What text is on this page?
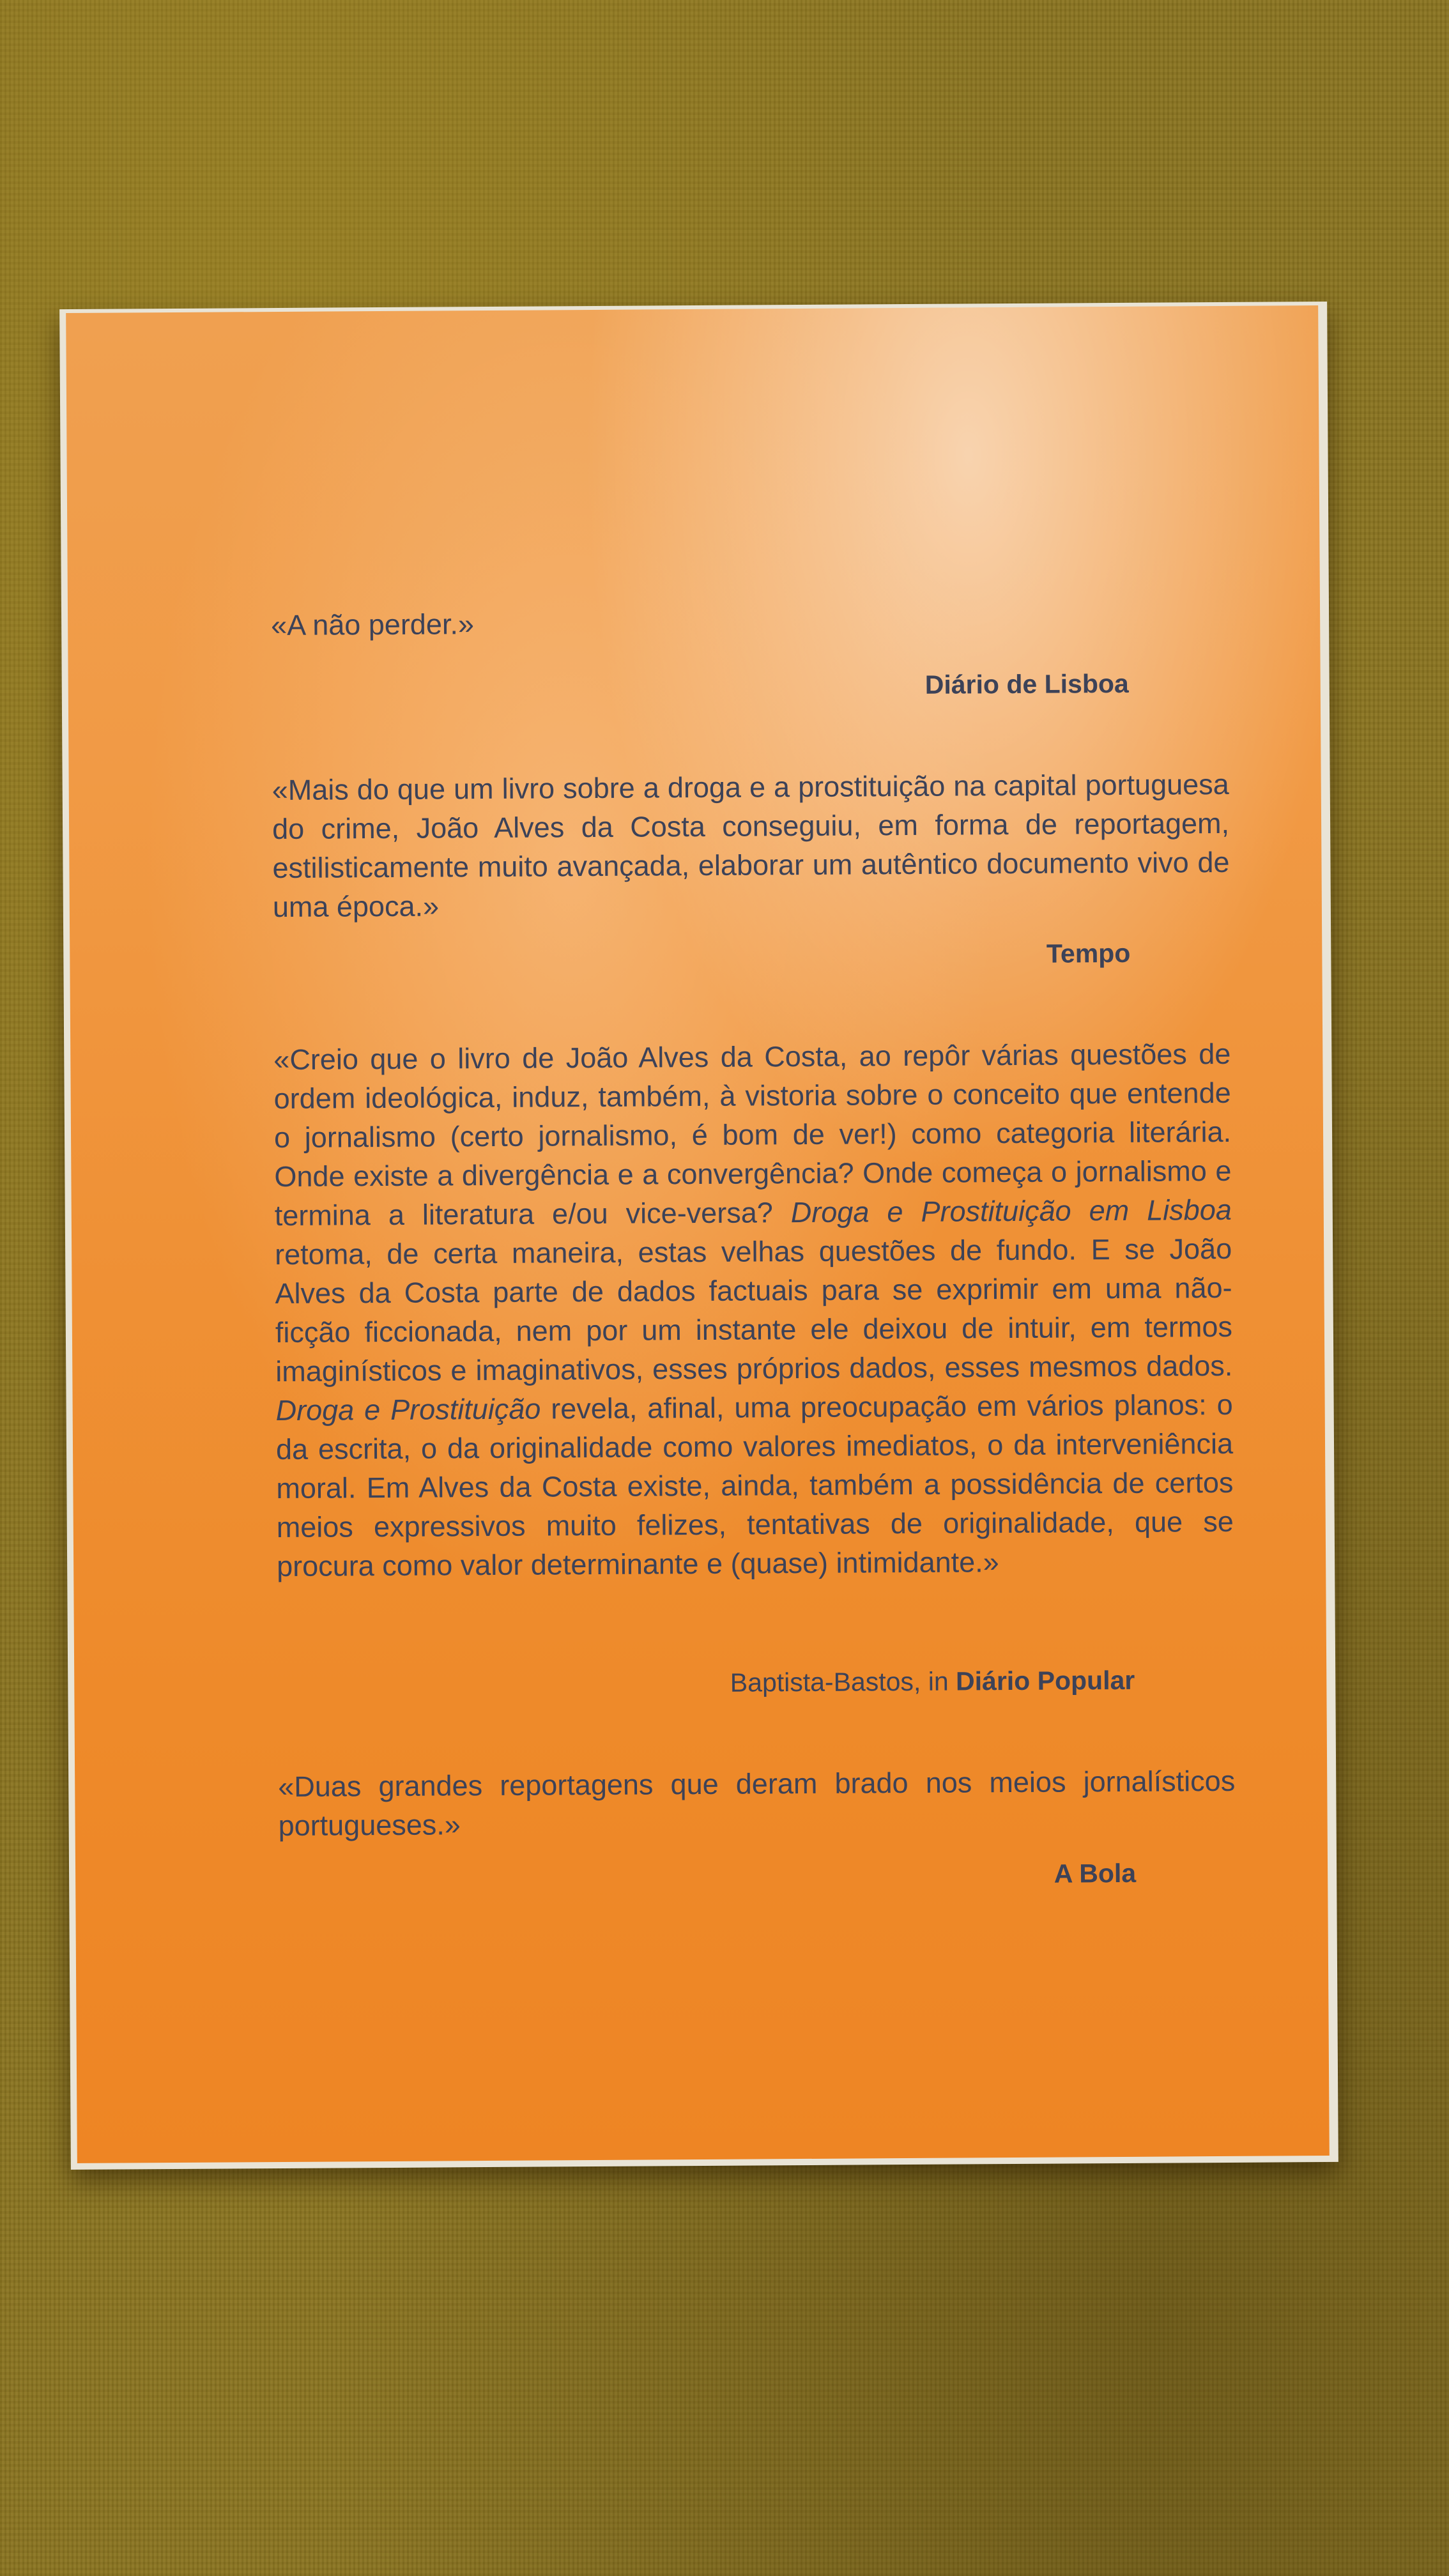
«A não perder.»
Diário de Lisboa
«Mais do que um livro sobre a droga e a prostituição na capital portuguesa do crime, João Alves da Costa conseguiu, em forma de reportagem, estilisticamente muito avançada, elaborar um autêntico documento vivo de uma época.»
Tempo
«Creio que o livro de João Alves da Costa, ao repôr várias questões de ordem ideológica, induz, também, à vistoria sobre o conceito que entende o jornalismo (certo jornalismo, é bom de ver!) como categoria literária. Onde existe a divergência e a convergência? Onde começa o jornalismo e termina a literatura e/ou vice-versa? Droga e Prostituição em Lisboa retoma, de certa maneira, estas velhas questões de fundo. E se João Alves da Costa parte de dados factuais para se exprimir em uma não-ficção ficcionada, nem por um instante ele deixou de intuir, em termos imaginísticos e imaginativos, esses próprios dados, esses mesmos dados. Droga e Prostituição revela, afinal, uma preocupação em vários planos: o da escrita, o da originalidade como valores imediatos, o da interveniência moral. Em Alves da Costa existe, ainda, também a possidência de certos meios expressivos muito felizes, tentativas de originalidade, que se procura como valor determinante e (quase) intimidante.»
Baptista-Bastos, in Diário Popular
«Duas grandes reportagens que deram brado nos meios jornalísticos portugueses.»
A Bola
